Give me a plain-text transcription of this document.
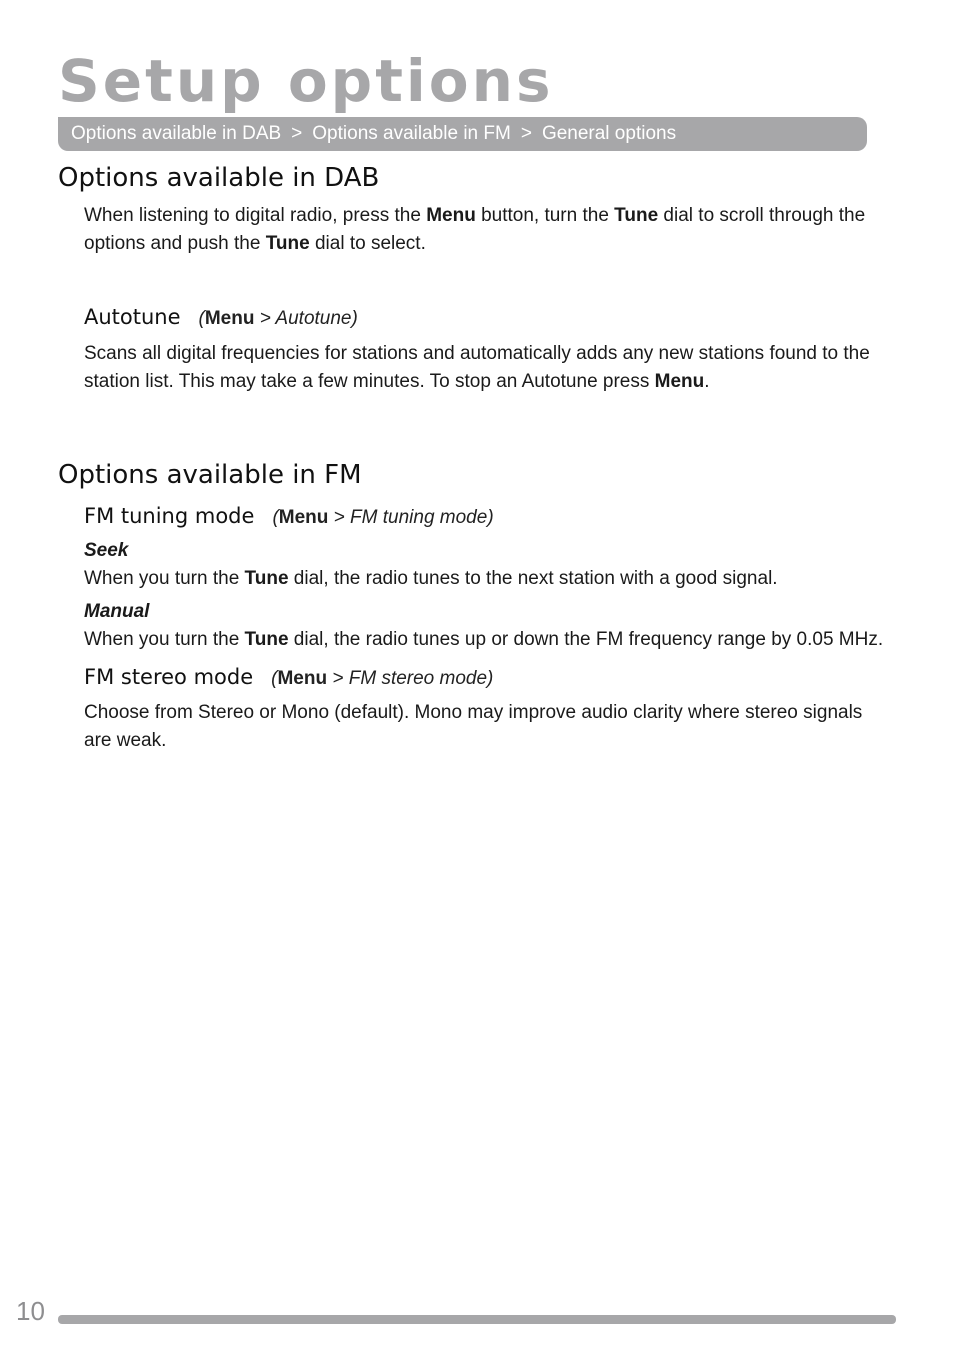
Setup options
Options available in DAB > Options available in FM > General options
Options available in DAB

When listening to digital radio, press the Menu button, turn the Tune dial to scroll through the options and push the Tune dial to select.

Autotune (Menu > Autotune)

Scans all digital frequencies for stations and automatically adds any new stations found to the station list. This may take a few minutes. To stop an Autotune press Menu.

Options available in FM
FM tuning mode (Menu > FM tuning mode)
Seek

When you turn the Tune dial, the radio tunes to the next station with a good signal.

Manual

When you turn the Tune dial, the radio tunes up or down the FM frequency range by 0.05 MHz.

FM stereo mode (Menu > FM stereo mode)

Choose from Stereo or Mono (default). Mono may improve audio clarity where stereo signals are weak.

10
